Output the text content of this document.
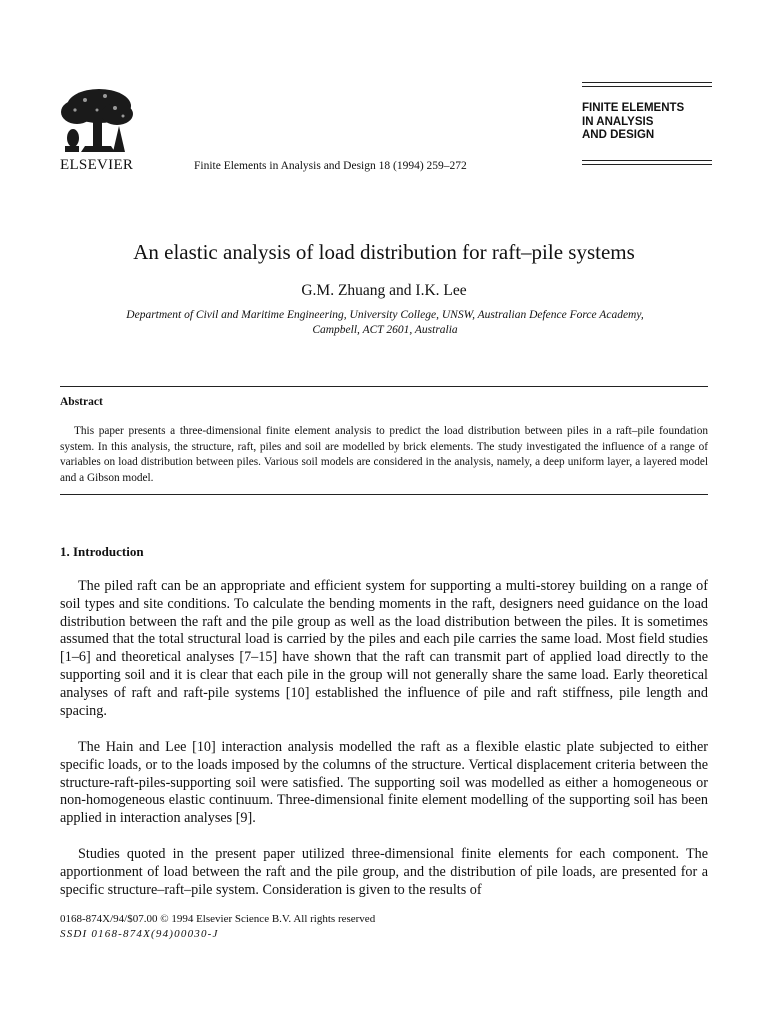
ELSEVIER	Finite Elements in Analysis and Design 18 (1994) 259–272
FINITE ELEMENTS
IN ANALYSIS
AND DESIGN
An elastic analysis of load distribution for raft–pile systems
G.M. Zhuang and I.K. Lee
Department of Civil and Maritime Engineering, University College, UNSW, Australian Defence Force Academy,
Campbell, ACT 2601, Australia
Abstract
This paper presents a three-dimensional finite element analysis to predict the load distribution between piles in a raft–pile foundation system. In this analysis, the structure, raft, piles and soil are modelled by brick elements. The study investigated the influence of a range of variables on load distribution between piles. Various soil models are considered in the analysis, namely, a deep uniform layer, a layered model and a Gibson model.
1. Introduction
The piled raft can be an appropriate and efficient system for supporting a multi-storey building on a range of soil types and site conditions. To calculate the bending moments in the raft, designers need guidance on the load distribution between the raft and the pile group as well as the load distribution between the piles. It is sometimes assumed that the total structural load is carried by the piles and each pile carries the same load. Most field studies [1–6] and theoretical analyses [7–15] have shown that the raft can transmit part of applied load directly to the supporting soil and it is clear that each pile in the group will not generally share the same load. Early theoretical analyses of raft and raft-pile systems [10] established the influence of pile and raft stiffness, pile length and spacing.
The Hain and Lee [10] interaction analysis modelled the raft as a flexible elastic plate subjected to either specific loads, or to the loads imposed by the columns of the structure. Vertical displacement criteria between the structure-raft-piles-supporting soil were satisfied. The supporting soil was modelled as either a homogeneous or non-homogeneous elastic continuum. Three-dimensional finite element modelling of the supporting soil has been applied in interaction analyses [9].
Studies quoted in the present paper utilized three-dimensional finite elements for each component. The apportionment of load between the raft and the pile group, and the distribution of pile loads, are presented for a specific structure–raft–pile system. Consideration is given to the results of
0168-874X/94/$07.00 © 1994 Elsevier Science B.V. All rights reserved
SSDI 0168-874X(94)00030-J
